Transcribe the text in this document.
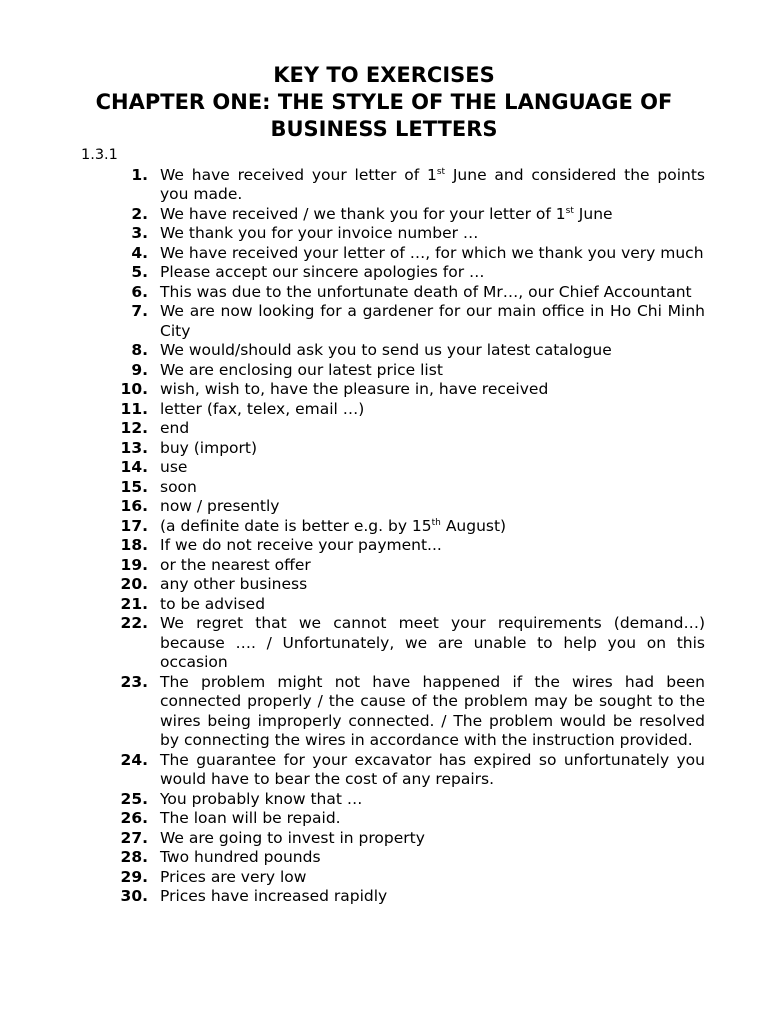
KEY TO EXERCISES
CHAPTER ONE: THE STYLE OF THE LANGUAGE OF BUSINESS LETTERS
1.3.1
1. We have received your letter of 1st June and considered the points you made.
2. We have received / we thank you for your letter of 1st June
3. We thank you for your invoice number …
4. We have received your letter of …, for which we thank you very much
5. Please accept our sincere apologies for …
6. This was due to the unfortunate death of Mr…, our Chief Accountant
7. We are now looking for a gardener for our main office in Ho Chi Minh City
8. We would/should ask you to send us your latest catalogue
9. We are enclosing our latest price list
10. wish, wish to, have the pleasure in, have received
11. letter (fax, telex, email …)
12. end
13. buy (import)
14. use
15. soon
16. now / presently
17. (a definite date is better e.g. by 15th August)
18. If we do not receive your payment...
19. or the nearest offer
20. any other business
21. to be advised
22. We regret that we cannot meet your requirements (demand…) because …. / Unfortunately, we are unable to help you on this occasion
23. The problem might not have happened if the wires had been connected properly / the cause of the problem may be sought to the wires being improperly connected. / The problem would be resolved by connecting the wires in accordance with the instruction provided.
24. The guarantee for your excavator has expired so unfortunately you would have to bear the cost of any repairs.
25. You probably know that …
26. The loan will be repaid.
27. We are going to invest in property
28. Two hundred pounds
29. Prices are very low
30. Prices have increased rapidly
